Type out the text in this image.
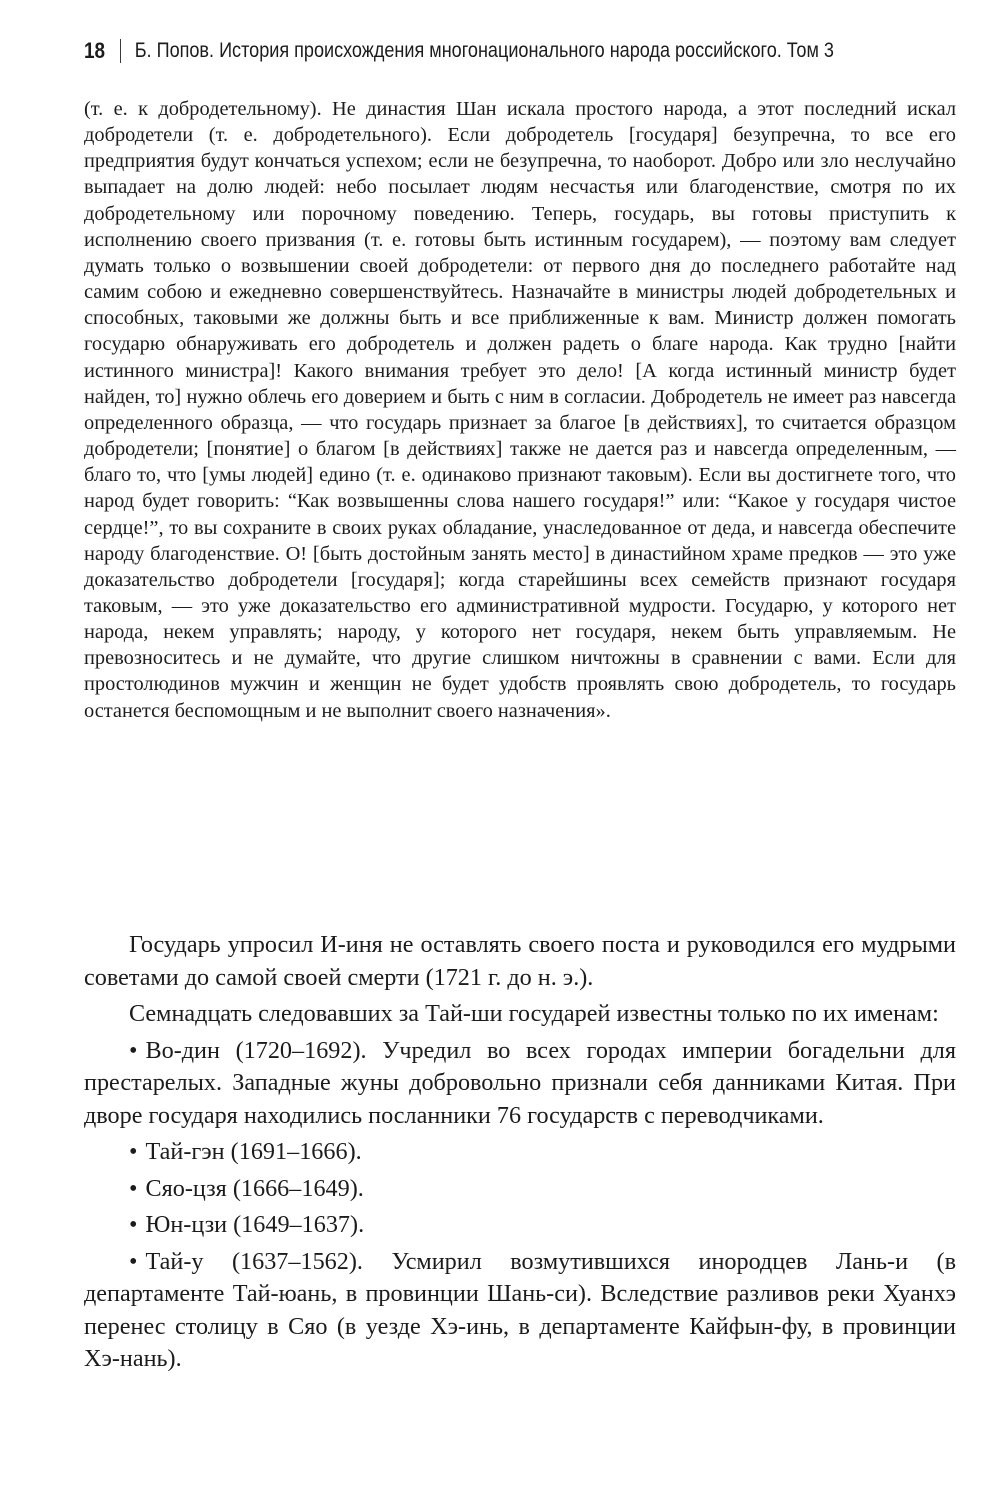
18 Б. Попов. История происхождения многонационального народа российского. Том 3

(т. е. к добродетельному). Не династия Шан искала простого народа, а этот последний искал добродетели (т. е. добродетельного). Если добродетель [государя] безупречна, то все его предприятия будут кончаться успехом; если не безупречна, то наоборот. Добро или зло неслучайно выпадает на долю людей: небо посылает людям несчастья или благоденствие, смотря по их добродетельному или порочному поведению. Теперь, государь, вы готовы приступить к исполнению своего призвания (т. е. готовы быть истинным государем), — поэтому вам следует думать только о возвышении своей добродетели: от первого дня до последнего работайте над самим собою и ежедневно совершенствуйтесь. Назначайте в министры людей добродетельных и способных, таковыми же должны быть и все приближенные к вам. Министр должен помогать государю обнаруживать его добродетель и должен радеть о благе народа. Как трудно [найти истинного министра]! Какого внимания требует это дело! [А когда истинный министр будет найден, то] нужно облечь его доверием и быть с ним в согласии. Добродетель не имеет раз навсегда определенного образца, — что государь признает за благое [в действиях], то считается образцом добродетели; [понятие] о благом [в действиях] также не дается раз и навсегда определенным, — благо то, что [умы людей] едино (т. е. одинаково признают таковым). Если вы достигнете того, что народ будет говорить: “Как возвышенны слова нашего государя!” или: “Какое у государя чистое сердце!”, то вы сохраните в своих руках обладание, унаследованное от деда, и навсегда обеспечите народу благоденствие. О! [быть достойным занять место] в династийном храме предков — это уже доказательство добродетели [государя]; когда старейшины всех семейств признают государя таковым, — это уже доказательство его административной мудрости. Государю, у которого нет народа, некем управлять; народу, у которого нет государя, некем быть управляемым. Не превозноситесь и не думайте, что другие слишком ничтожны в сравнении с вами. Если для простолюдинов мужчин и женщин не будет удобств проявлять свою добродетель, то государь останется беспомощным и не выполнит своего назначения».

Государь упросил И-иня не оставлять своего поста и руководился его мудрыми советами до самой своей смерти (1721 г. до н. э.).

Семнадцать следовавших за Тай-ши государей известны только по их именам:

• Во-дин (1720–1692). Учредил во всех городах империи богадельни для престарелых. Западные жуны добровольно признали себя данниками Китая. При дворе государя находились посланники 76 государств с переводчиками.

• Тай-гэн (1691–1666).

• Сяо-цзя (1666–1649).

• Юн-цзи (1649–1637).

• Тай-у (1637–1562). Усмирил возмутившихся инородцев Лань-и (в департаменте Тай-юань, в провинции Шань-си). Вследствие разливов реки Хуанхэ перенес столицу в Сяо (в уезде Хэ-инь, в департаменте Кайфын-фу, в провинции Хэ-нань).
